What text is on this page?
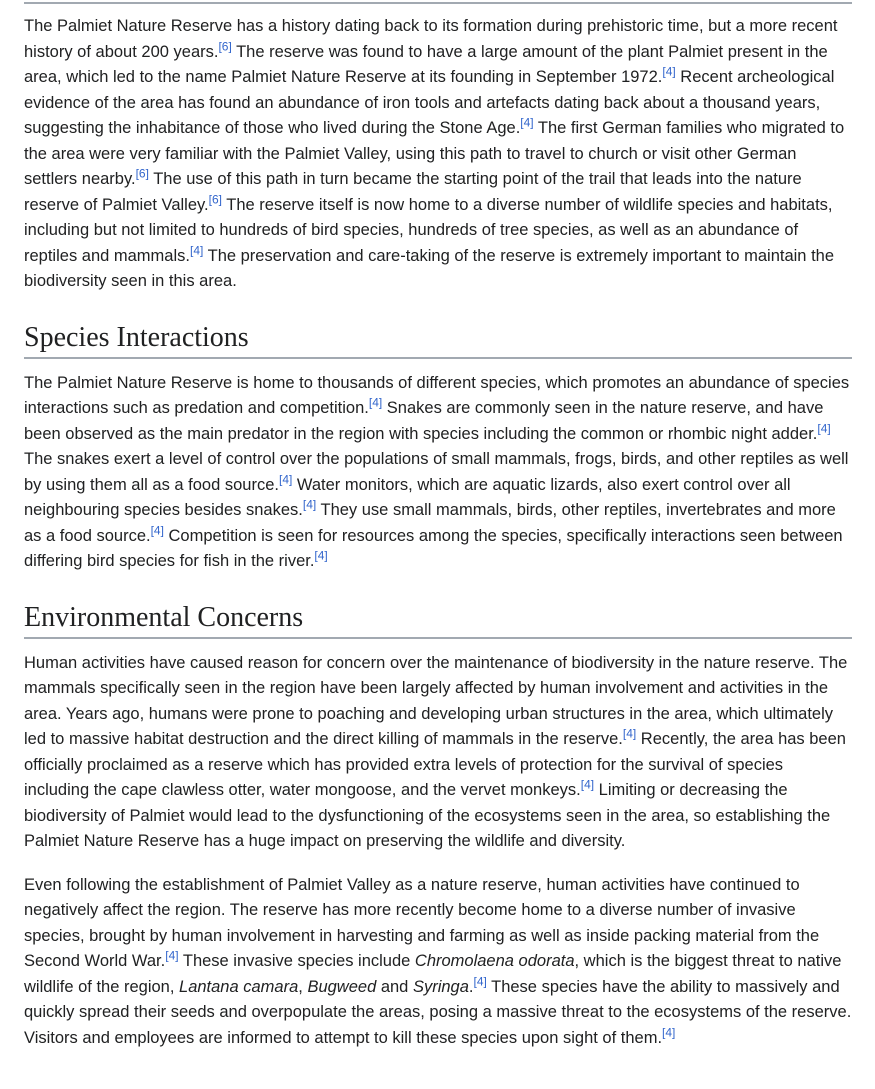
The Palmiet Nature Reserve has a history dating back to its formation during prehistoric time, but a more recent history of about 200 years.[6] The reserve was found to have a large amount of the plant Palmiet present in the area, which led to the name Palmiet Nature Reserve at its founding in September 1972.[4] Recent archeological evidence of the area has found an abundance of iron tools and artefacts dating back about a thousand years, suggesting the inhabitance of those who lived during the Stone Age.[4] The first German families who migrated to the area were very familiar with the Palmiet Valley, using this path to travel to church or visit other German settlers nearby.[6] The use of this path in turn became the starting point of the trail that leads into the nature reserve of Palmiet Valley.[6] The reserve itself is now home to a diverse number of wildlife species and habitats, including but not limited to hundreds of bird species, hundreds of tree species, as well as an abundance of reptiles and mammals.[4] The preservation and care-taking of the reserve is extremely important to maintain the biodiversity seen in this area.

Species Interactions

The Palmiet Nature Reserve is home to thousands of different species, which promotes an abundance of species interactions such as predation and competition.[4] Snakes are commonly seen in the nature reserve, and have been observed as the main predator in the region with species including the common or rhombic night adder.[4] The snakes exert a level of control over the populations of small mammals, frogs, birds, and other reptiles as well by using them all as a food source.[4] Water monitors, which are aquatic lizards, also exert control over all neighbouring species besides snakes.[4] They use small mammals, birds, other reptiles, invertebrates and more as a food source.[4] Competition is seen for resources among the species, specifically interactions seen between differing bird species for fish in the river.[4]

Environmental Concerns

Human activities have caused reason for concern over the maintenance of biodiversity in the nature reserve. The mammals specifically seen in the region have been largely affected by human involvement and activities in the area. Years ago, humans were prone to poaching and developing urban structures in the area, which ultimately led to massive habitat destruction and the direct killing of mammals in the reserve.[4] Recently, the area has been officially proclaimed as a reserve which has provided extra levels of protection for the survival of species including the cape clawless otter, water mongoose, and the vervet monkeys.[4] Limiting or decreasing the biodiversity of Palmiet would lead to the dysfunctioning of the ecosystems seen in the area, so establishing the Palmiet Nature Reserve has a huge impact on preserving the wildlife and diversity.

Even following the establishment of Palmiet Valley as a nature reserve, human activities have continued to negatively affect the region. The reserve has more recently become home to a diverse number of invasive species, brought by human involvement in harvesting and farming as well as inside packing material from the Second World War.[4] These invasive species include Chromolaena odorata, which is the biggest threat to native wildlife of the region, Lantana camara, Bugweed and Syringa.[4] These species have the ability to massively and quickly spread their seeds and overpopulate the areas, posing a massive threat to the ecosystems of the reserve. Visitors and employees are informed to attempt to kill these species upon sight of them.[4]
